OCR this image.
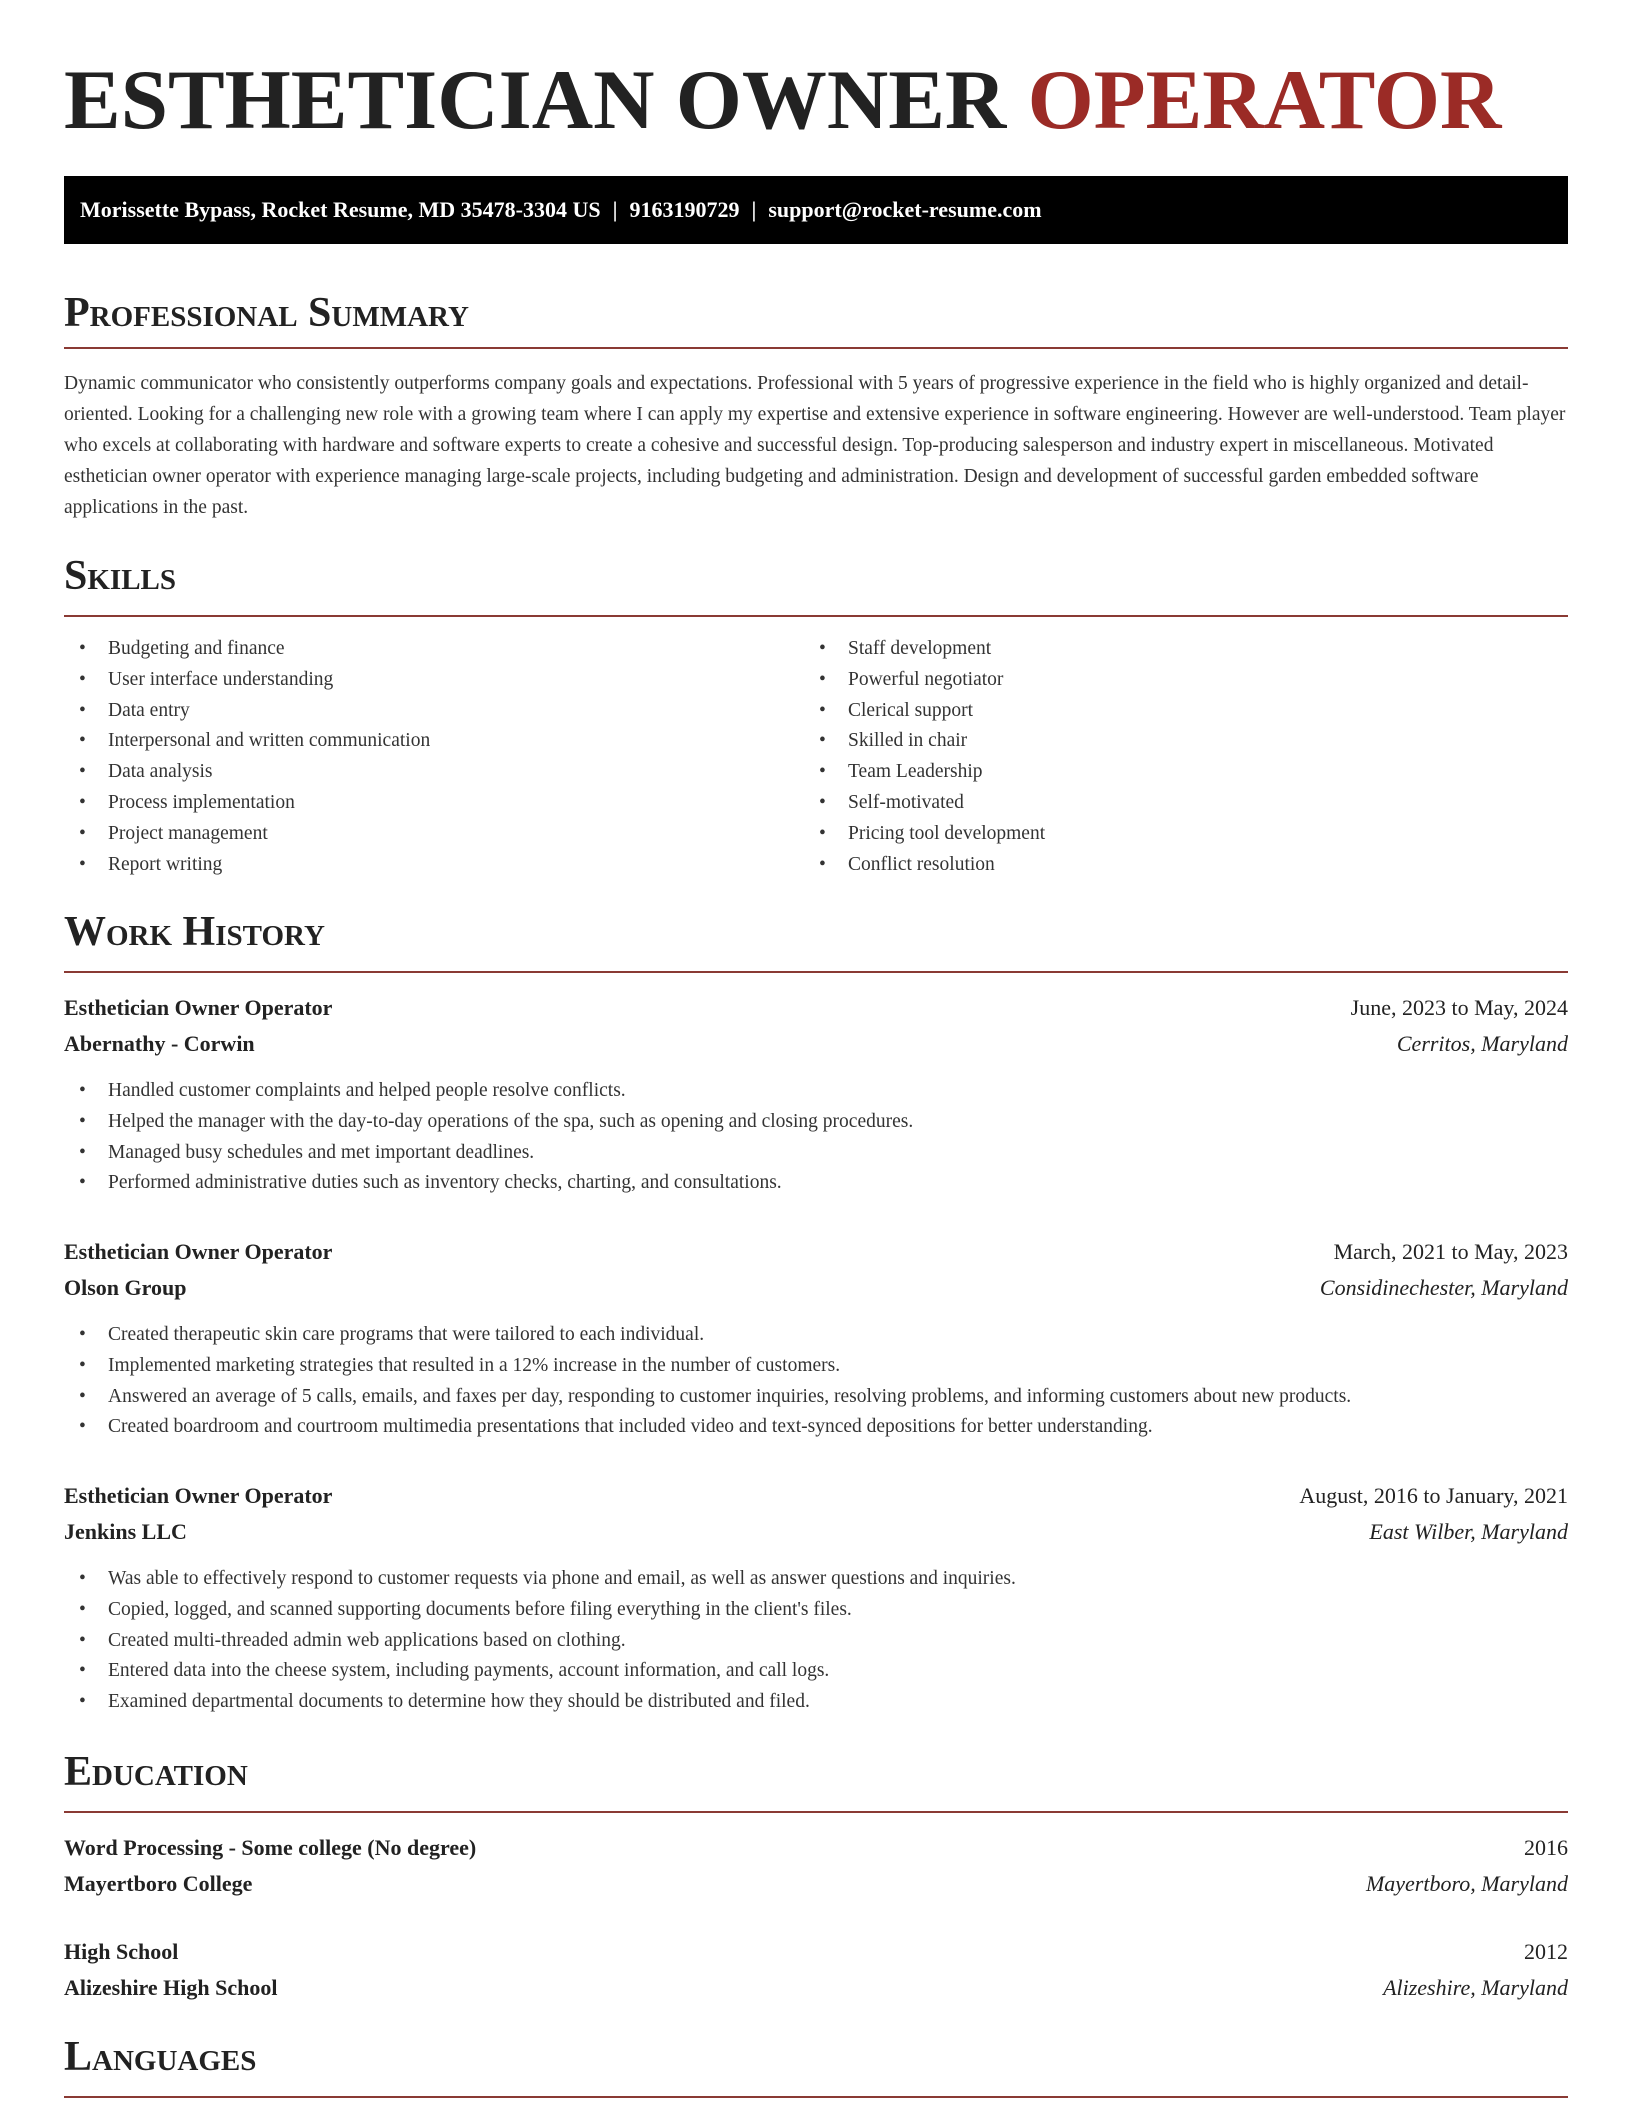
ESTHETICIAN OWNER OPERATOR
Morissette Bypass, Rocket Resume, MD 35478-3304 US | 9163190729 | support@rocket-resume.com
Professional Summary

Dynamic communicator who consistently outperforms company goals and expectations. Professional with 5 years of progressive experience in the field who is highly organized and detail-oriented. Looking for a challenging new role with a growing team where I can apply my expertise and extensive experience in software engineering. However are well-understood. Team player who excels at collaborating with hardware and software experts to create a cohesive and successful design. Top-producing salesperson and industry expert in miscellaneous. Motivated esthetician owner operator with experience managing large-scale projects, including budgeting and administration. Design and development of successful garden embedded software applications in the past.

Skills
• Budgeting and finance
• User interface understanding
• Data entry
• Interpersonal and written communication
• Data analysis
• Process implementation
• Project management
• Report writing
• Staff development
• Powerful negotiator
• Clerical support
• Skilled in chair
• Team Leadership
• Self-motivated
• Pricing tool development
• Conflict resolution
Work History
Esthetician Owner Operator	June, 2023 to May, 2024
Abernathy - Corwin	Cerritos, Maryland
• Handled customer complaints and helped people resolve conflicts.
• Helped the manager with the day-to-day operations of the spa, such as opening and closing procedures.
• Managed busy schedules and met important deadlines.
• Performed administrative duties such as inventory checks, charting, and consultations.
Esthetician Owner Operator	March, 2021 to May, 2023
Olson Group	Considinechester, Maryland
• Created therapeutic skin care programs that were tailored to each individual.
• Implemented marketing strategies that resulted in a 12% increase in the number of customers.
• Answered an average of 5 calls, emails, and faxes per day, responding to customer inquiries, resolving problems, and informing customers about new products.
• Created boardroom and courtroom multimedia presentations that included video and text-synced depositions for better understanding.
Esthetician Owner Operator	August, 2016 to January, 2021
Jenkins LLC	East Wilber, Maryland
• Was able to effectively respond to customer requests via phone and email, as well as answer questions and inquiries.
• Copied, logged, and scanned supporting documents before filing everything in the client's files.
• Created multi-threaded admin web applications based on clothing.
• Entered data into the cheese system, including payments, account information, and call logs.
• Examined departmental documents to determine how they should be distributed and filed.
Education
Word Processing - Some college (No degree)	2016
Mayertboro College	Mayertboro, Maryland
High School	2012
Alizeshire High School	Alizeshire, Maryland
Languages
